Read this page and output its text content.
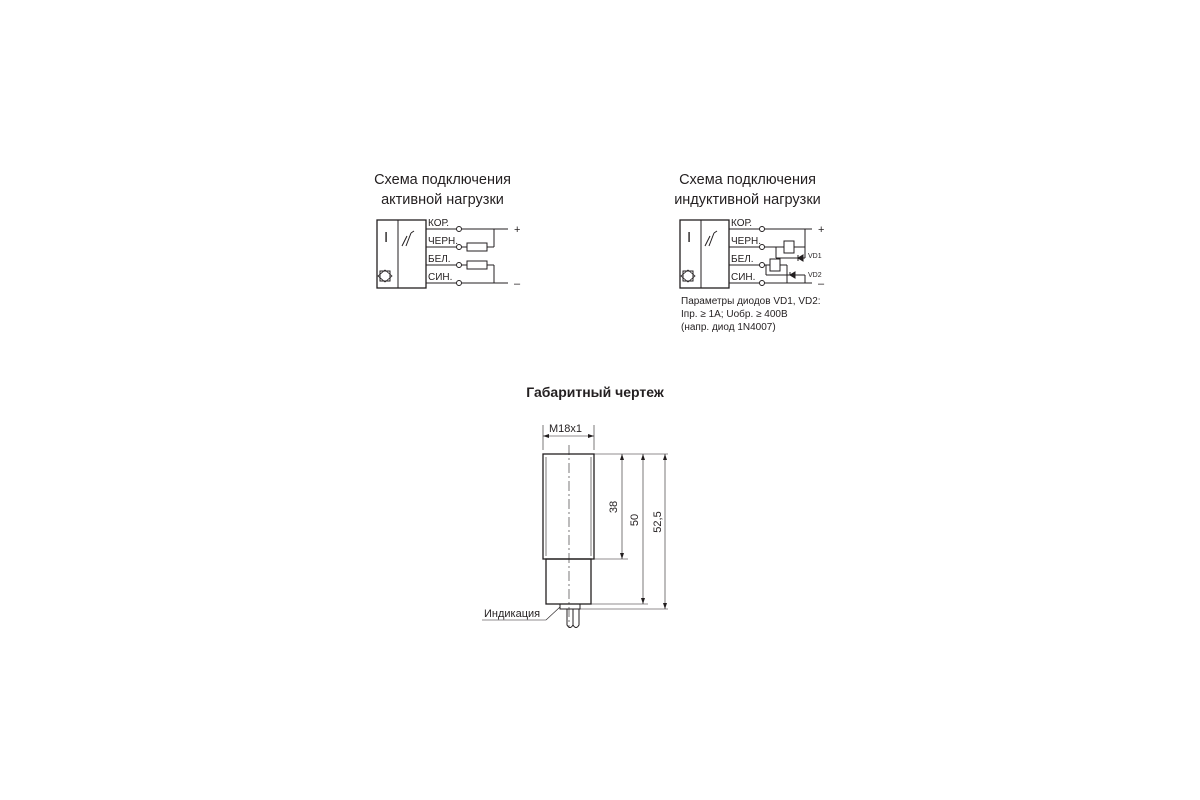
Схема подключения
активной нагрузки
Схема подключения
индуктивной нагрузки
Параметры диодов VD1, VD2:
Iпр. ≥ 1А; Uобр. ≥ 400В
(напр. диод 1N4007)
Габаритный чертеж
I
КОР.
ЧЕРН.
БЕЛ.
СИН.
+
–
I
КОР.
ЧЕРН.
БЕЛ.
СИН.
+
–
VD1
VD2
M18x1
38
50 52,5
Индикация
